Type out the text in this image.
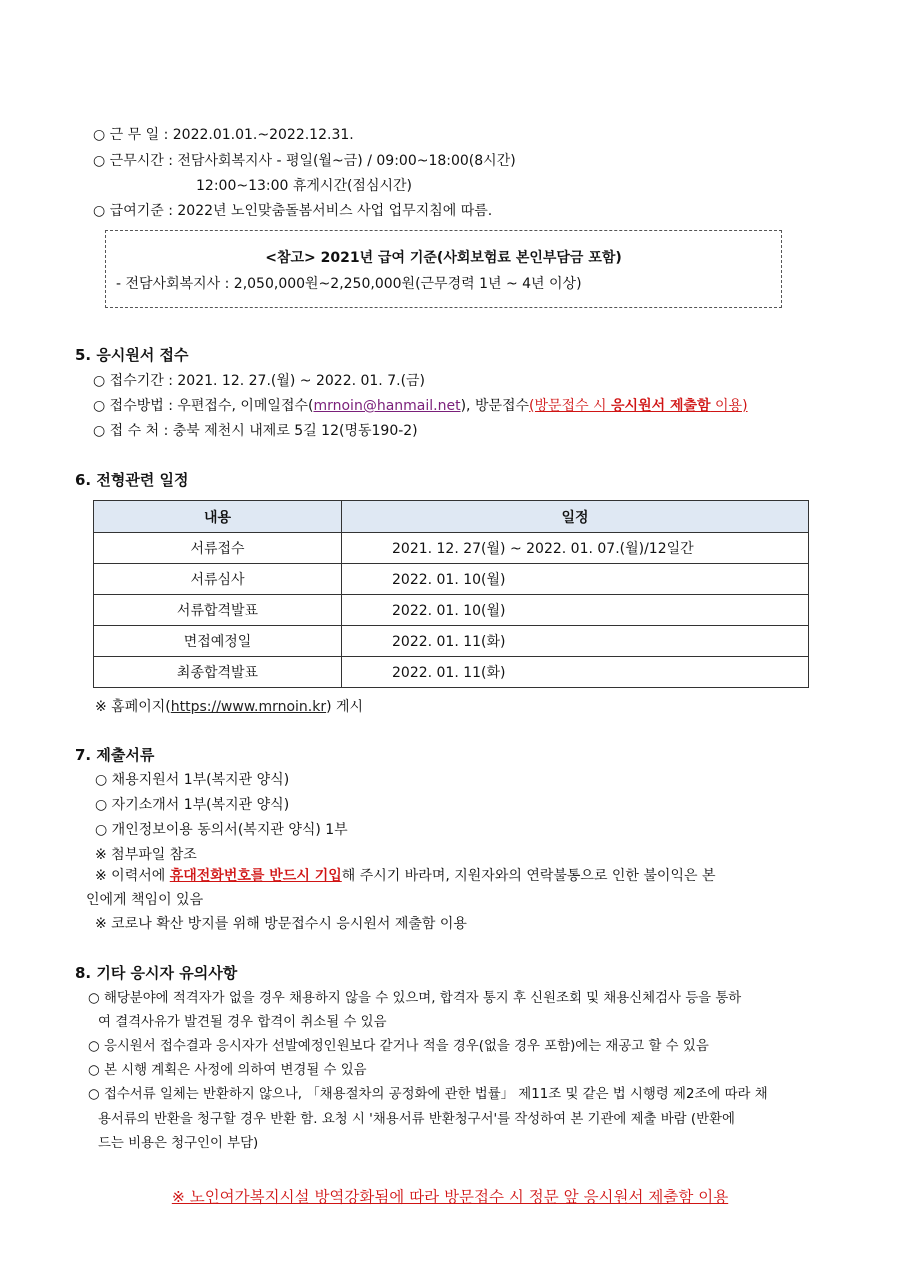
○ 근 무 일 : 2022.01.01.~2022.12.31.
○ 근무시간 : 전담사회복지사 - 평일(월~금) / 09:00~18:00(8시간)
12:00~13:00 휴게시간(점심시간)
○ 급여기준 : 2022년 노인맞춤돌봄서비스 사업 업무지침에 따름.
<참고> 2021년 급여 기준(사회보험료 본인부담금 포함)
- 전담사회복지사 : 2,050,000원~2,250,000원(근무경력 1년 ~ 4년 이상)
5. 응시원서 접수
○ 접수기간 : 2021. 12. 27.(월) ~ 2022. 01. 7.(금)
○ 접수방법 : 우편접수, 이메일접수(mrnoin@hanmail.net), 방문접수(방문접수 시 응시원서 제출함 이용)
○ 접 수 처 : 충북 제천시 내제로 5길 12(명동190-2)
6. 전형관련 일정
내용	일정
서류접수	2021. 12. 27(월) ~ 2022. 01. 07.(월)/12일간
서류심사	2022. 01. 10(월)
서류합격발표	2022. 01. 10(월)
면접예정일	2022. 01. 11(화)
최종합격발표	2022. 01. 11(화)
※ 홈페이지(https://www.mrnoin.kr) 게시
7. 제출서류
○ 채용지원서 1부(복지관 양식)
○ 자기소개서 1부(복지관 양식)
○ 개인정보이용 동의서(복지관 양식) 1부
※ 첨부파일 참조
※ 이력서에 휴대전화번호를 반드시 기입해 주시기 바라며, 지원자와의 연락불통으로 인한 불이익은 본
인에게 책임이 있음
※ 코로나 확산 방지를 위해 방문접수시 응시원서 제출함 이용
8. 기타 응시자 유의사항
○ 해당분야에 적격자가 없을 경우 채용하지 않을 수 있으며, 합격자 통지 후 신원조회 및 채용신체검사 등을 통하
여 결격사유가 발견될 경우 합격이 취소될 수 있음
○ 응시원서 접수결과 응시자가 선발예정인원보다 같거나 적을 경우(없을 경우 포함)에는 재공고 할 수 있음
○ 본 시행 계획은 사정에 의하여 변경될 수 있음
○ 접수서류 일체는 반환하지 않으나, 「채용절차의 공정화에 관한 법률」 제11조 및 같은 법 시행령 제2조에 따라 채
용서류의 반환을 청구할 경우 반환 함. 요청 시 '채용서류 반환청구서'를 작성하여 본 기관에 제출 바람 (반환에
드는 비용은 청구인이 부담)
※ 노인여가복지시설 방역강화됨에 따라 방문접수 시 정문 앞 응시원서 제출함 이용
